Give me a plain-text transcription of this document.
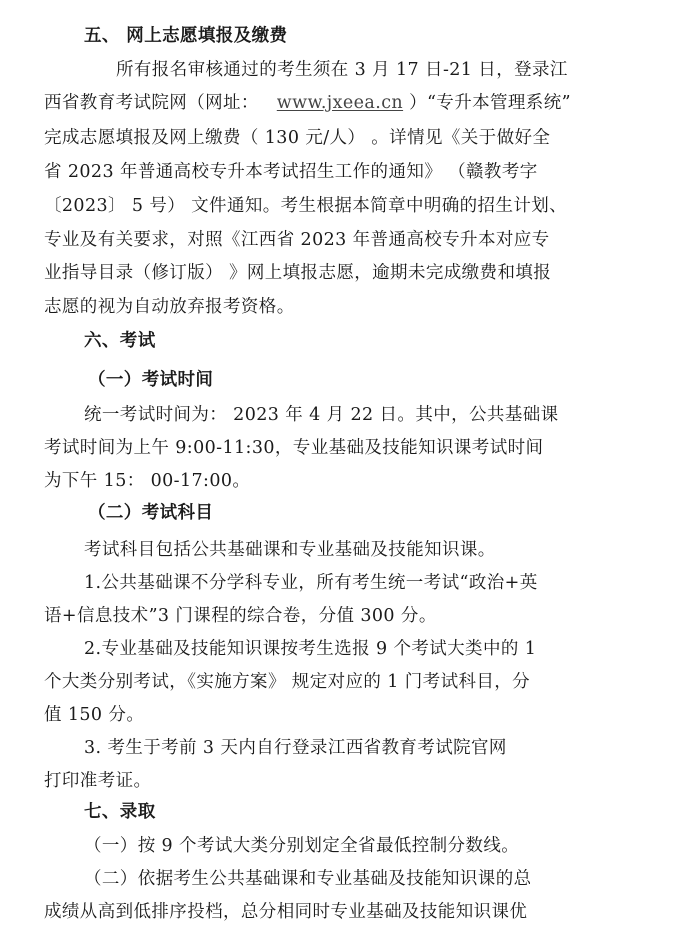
五、 网上志愿填报及缴费
所有报名审核通过的考生须在 3 月 17 日-21 日，登录江
西省教育考试院网（网址： www.jxeea.cn ）“专升本管理系统”
完成志愿填报及网上缴费（ 130 元/人） 。详情见《关于做好全
省 2023 年普通高校专升本考试招生工作的通知》 （赣教考字
〔2023〕 5 号） 文件通知。考生根据本简章中明确的招生计划、
专业及有关要求，对照《江西省 2023 年普通高校专升本对应专
业指导目录（修订版） 》网上填报志愿，逾期未完成缴费和填报
志愿的视为自动放弃报考资格。
六、考试
（一）考试时间
统一考试时间为： 2023 年 4 月 22 日。其中，公共基础课
考试时间为上午 9:00-11:30，专业基础及技能知识课考试时间
为下午 15： 00-17:00。
（二）考试科目
考试科目包括公共基础课和专业基础及技能知识课。
1.公共基础课不分学科专业，所有考生统一考试“政治+英
语+信息技术”3 门课程的综合卷，分值 300 分。
2.专业基础及技能知识课按考生选报 9 个考试大类中的 1
个大类分别考试，《实施方案》 规定对应的 1 门考试科目，分
值 150 分。
3. 考生于考前 3 天内自行登录江西省教育考试院官网
打印准考证。
七、录取
（一）按 9 个考试大类分别划定全省最低控制分数线。
（二）依据考生公共基础课和专业基础及技能知识课的总
成绩从高到低排序投档，总分相同时专业基础及技能知识课优
